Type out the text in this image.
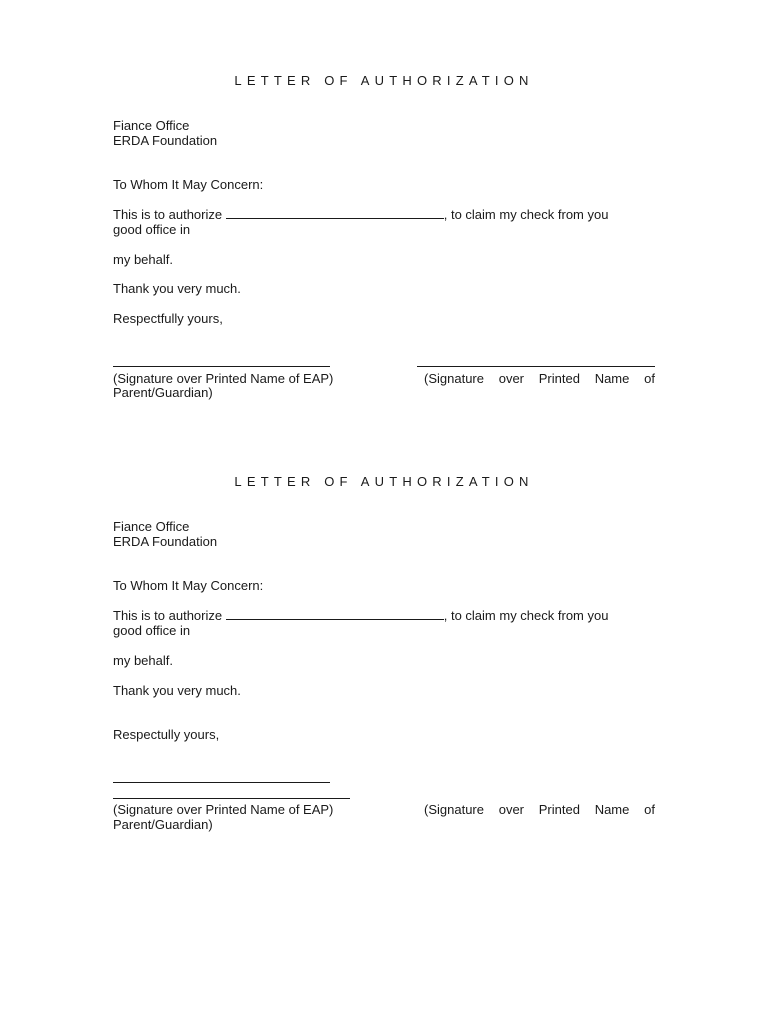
LETTER OF AUTHORIZATION
Fiance Office
ERDA Foundation
To Whom It May Concern:
This is to authorize	, to claim my check from you
good office in
my behalf.
Thank you very much.
Respectfully yours,
(Signature over Printed Name of EAP)	(Signature over Printed Name of
Parent/Guardian)
LETTER OF AUTHORIZATION
Fiance Office
ERDA Foundation
To Whom It May Concern:
This is to authorize	, to claim my check from you
good office in
my behalf.
Thank you very much.
Respectully yours,
(Signature over Printed Name of EAP)	(Signature over Printed Name of
Parent/Guardian)
